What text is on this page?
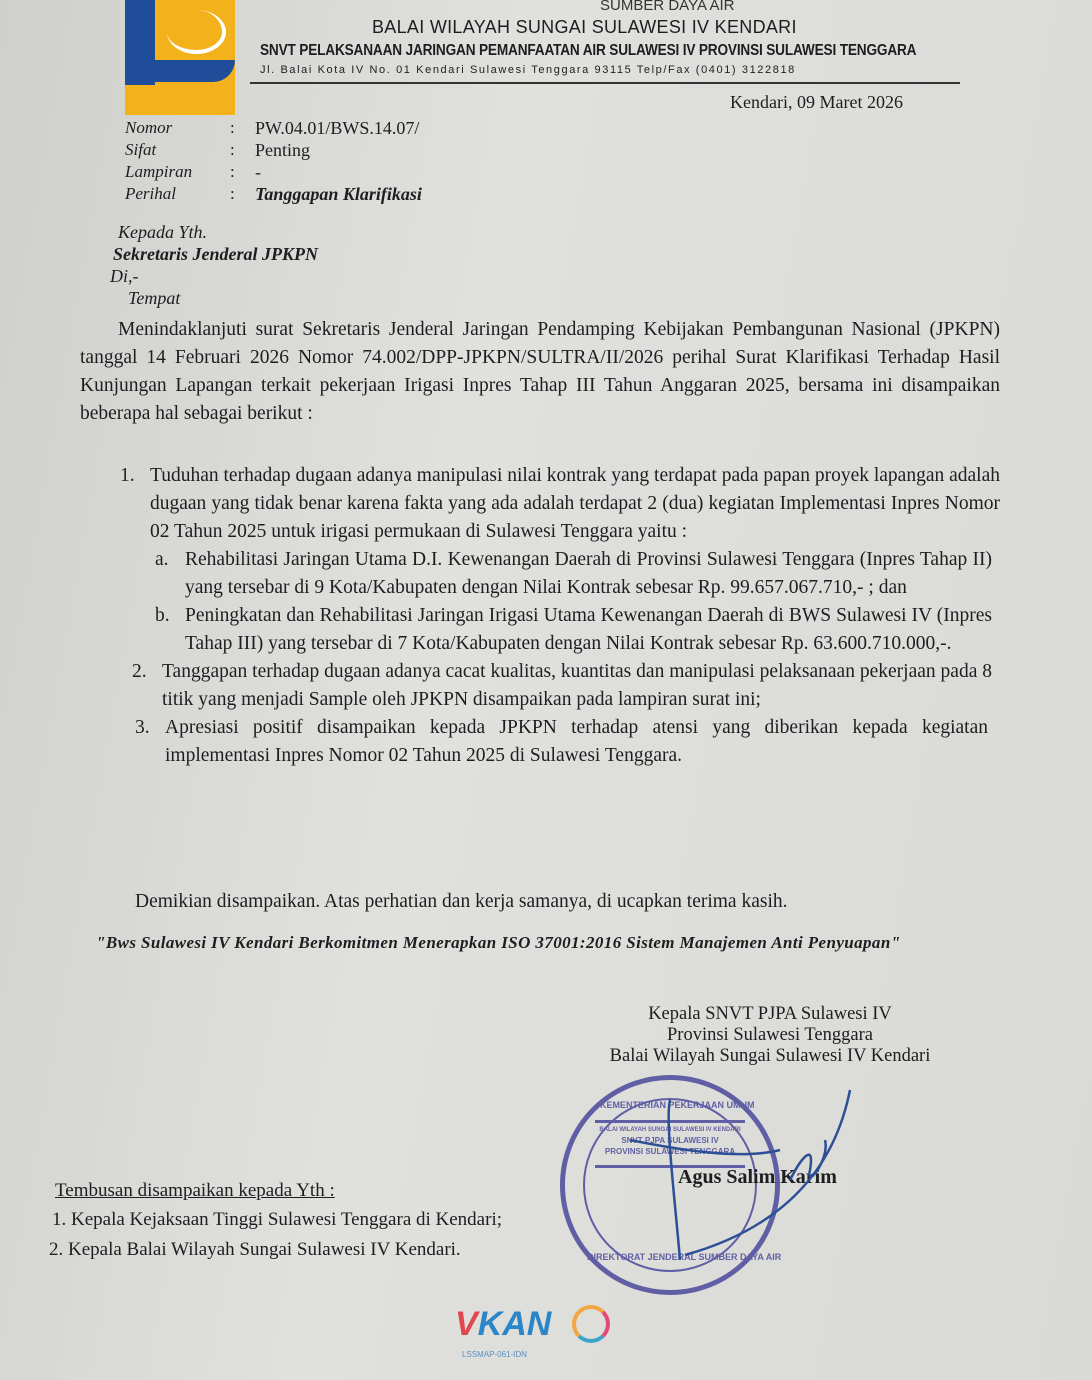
SUMBER DAYA AIR
BALAI WILAYAH SUNGAI SULAWESI IV KENDARI
SNVT PELAKSANAAN JARINGAN PEMANFAATAN AIR SULAWESI IV PROVINSI SULAWESI TENGGARA
Jl. Balai Kota IV No. 01 Kendari Sulawesi Tenggara 93115 Telp/Fax (0401) 3122818
Kendari, 09 Maret 2026
Nomor
Sifat
Lampiran
Perihal
:
:
:
:
PW.04.01/BWS.14.07/
Penting
-
Tanggapan Klarifikasi
Kepada Yth.
Sekretaris Jenderal JPKPN
Di,-
Tempat
Menindaklanjuti surat Sekretaris Jenderal Jaringan Pendamping Kebijakan Pembangunan Nasional (JPKPN) tanggal 14 Februari 2026 Nomor 74.002/DPP-JPKPN/SULTRA/II/2026 perihal Surat Klarifikasi Terhadap Hasil Kunjungan Lapangan terkait pekerjaan Irigasi Inpres Tahap III Tahun Anggaran 2025, bersama ini disampaikan beberapa hal sebagai berikut :
1. Tuduhan terhadap dugaan adanya manipulasi nilai kontrak yang terdapat pada papan proyek lapangan adalah dugaan yang tidak benar karena fakta yang ada adalah terdapat 2 (dua) kegiatan Implementasi Inpres Nomor 02 Tahun 2025 untuk irigasi permukaan di Sulawesi Tenggara yaitu :
a. Rehabilitasi Jaringan Utama D.I. Kewenangan Daerah di Provinsi Sulawesi Tenggara (Inpres Tahap II) yang tersebar di 9 Kota/Kabupaten dengan Nilai Kontrak sebesar Rp. 99.657.067.710,- ; dan
b. Peningkatan dan Rehabilitasi Jaringan Irigasi Utama Kewenangan Daerah di BWS Sulawesi IV (Inpres Tahap III) yang tersebar di 7 Kota/Kabupaten dengan Nilai Kontrak sebesar Rp. 63.600.710.000,-.
2. Tanggapan terhadap dugaan adanya cacat kualitas, kuantitas dan manipulasi pelaksanaan pekerjaan pada 8 titik yang menjadi Sample oleh JPKPN disampaikan pada lampiran surat ini;
3. Apresiasi positif disampaikan kepada JPKPN terhadap atensi yang diberikan kepada kegiatan implementasi Inpres Nomor 02 Tahun 2025 di Sulawesi Tenggara.
Demikian disampaikan. Atas perhatian dan kerja samanya, di ucapkan terima kasih.
"Bws Sulawesi IV Kendari Berkomitmen Menerapkan ISO 37001:2016 Sistem Manajemen Anti Penyuapan"
Kepala SNVT PJPA Sulawesi IV
Provinsi Sulawesi Tenggara
Balai Wilayah Sungai Sulawesi IV Kendari
BALAI WILAYAH SUNGAI SULAWESI IV KENDARI
SNVT PJPA SULAWESI IV
PROVINSI SULAWESI TENGGARA
KEMENTERIAN PEKERJAAN UMUM
DIREKTORAT JENDERAL SUMBER DAYA AIR
Agus Salim Karim
Tembusan disampaikan kepada Yth :
1. Kepala Kejaksaan Tinggi Sulawesi Tenggara di Kendari;
2. Kepala Balai Wilayah Sungai Sulawesi IV Kendari.
VKAN
LSSMAP-061-IDN
